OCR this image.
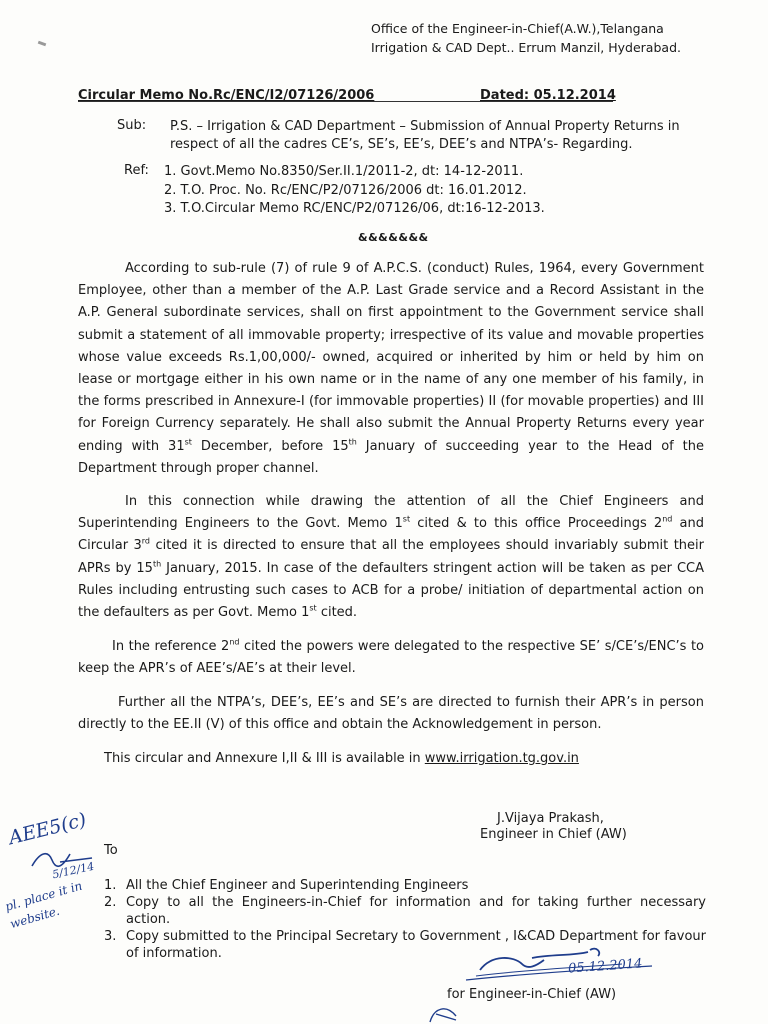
Office of the Engineer-in-Chief(A.W.),Telangana
Irrigation & CAD Dept.. Errum Manzil, Hyderabad.
Circular Memo No.Rc/ENC/I2/07126/2006	Dated: 05.12.2014
Sub: P.S. – Irrigation & CAD Department – Submission of Annual Property Returns in respect of all the cadres CE’s, SE’s, EE’s, DEE’s and NTPA’s- Regarding.
Ref: 1. Govt.Memo No.8350/Ser.II.1/2011-2, dt: 14-12-2011.
2. T.O. Proc. No. Rc/ENC/P2/07126/2006 dt: 16.01.2012.
3. T.O.Circular Memo RC/ENC/P2/07126/06, dt:16-12-2013.
&&&&&&&
According to sub-rule (7) of rule 9 of A.P.C.S. (conduct) Rules, 1964, every Government Employee, other than a member of the A.P. Last Grade service and a Record Assistant in the A.P. General subordinate services, shall on first appointment to the Government service shall submit a statement of all immovable property; irrespective of its value and movable properties whose value exceeds Rs.1,00,000/- owned, acquired or inherited by him or held by him on lease or mortgage either in his own name or in the name of any one member of his family, in the forms prescribed in Annexure-I (for immovable properties) II (for movable properties) and III for Foreign Currency separately. He shall also submit the Annual Property Returns every year ending with 31st December, before 15th January of succeeding year to the Head of the Department through proper channel.
In this connection while drawing the attention of all the Chief Engineers and Superintending Engineers to the Govt. Memo 1st cited & to this office Proceedings 2nd and Circular 3rd cited it is directed to ensure that all the employees should invariably submit their APRs by 15th January, 2015. In case of the defaulters stringent action will be taken as per CCA Rules including entrusting such cases to ACB for a probe/ initiation of departmental action on the defaulters as per Govt. Memo 1st cited.
In the reference 2nd cited the powers were delegated to the respective SE’ s/CE’s/ENC’s to keep the APR’s of AEE’s/AE’s at their level.
Further all the NTPA’s, DEE’s, EE’s and SE’s are directed to furnish their APR’s in person directly to the EE.II (V) of this office and obtain the Acknowledgement in person.
This circular and Annexure I,II & III is available in www.irrigation.tg.gov.in
J.Vijaya Prakash,
Engineer in Chief (AW)
To
1. All the Chief Engineer and Superintending Engineers
2. Copy to all the Engineers-in-Chief for information and for taking further necessary action.
3. Copy submitted to the Principal Secretary to Government , I&CAD Department for favour of information.
AEE5(c)
5/12/14
pl. place it in website.
05.12.2014
for Engineer-in-Chief (AW)
